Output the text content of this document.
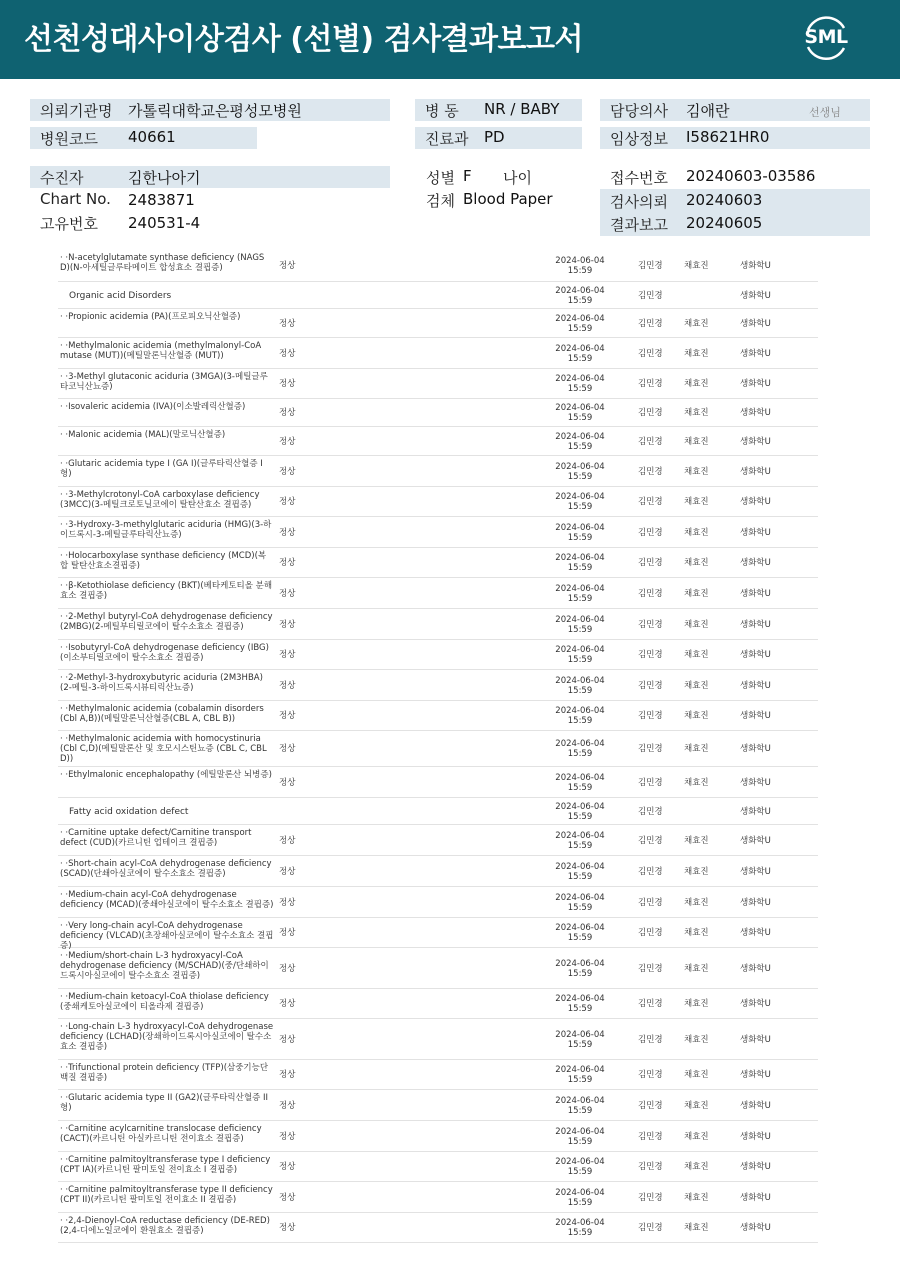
선천성대사이상검사 (선별) 검사결과보고서	SML
의뢰기관명 가톨릭대학교은평성모병원	병 동 NR / BABY	담당의사 김애란	선생님
병원코드 40661	진료과 PD	임상정보 I58621HR0
수진자	김한나아기	성별 F 나이	접수번호 20240603-03586
Chart No. 2483871	검체 Blood Paper	검사의뢰 20240603
고유번호 240531-4	결과보고 20240605
· ·N-acetylglutamate synthase deficiency (NAGS D)(N-아세틸글루타메이트 합성효소 결핍증)	정상	2024-06-04
15:59	김민경	채효진	생화학U
Organic acid Disorders	2024-06-04
15:59	김민경	생화학U
· ·Propionic acidemia (PA)(프로피오닉산혈증)
정상	2024-06-04
15:59	김민경	채효진	생화학U
· ·Methylmalonic acidemia (methylmalonyl-CoA mutase (MUT))(메틸말론닉산혈증 (MUT))	정상	2024-06-04
15:59	김민경	채효진	생화학U
· ·3-Methyl glutaconic aciduria (3MGA)(3-메틸글루타코닉산뇨증)	정상	2024-06-04
15:59	김민경	채효진	생화학U
· ·Isovaleric acidemia (IVA)(이소발레릭산혈증)
정상	2024-06-04
15:59	김민경	채효진	생화학U
· ·Malonic acidemia (MAL)(말로닉산혈증)
정상	2024-06-04
15:59	김민경	채효진	생화학U
· ·Glutaric acidemia type I (GA I)(글루타릭산혈증 I 형)	정상	2024-06-04
15:59	김민경	채효진	생화학U
· ·3-Methylcrotonyl-CoA carboxylase deficiency (3MCC)(3-메틸크로토닐코에이 탈탄산효소 결핍증)	정상	2024-06-04
15:59	김민경	채효진	생화학U
· ·3-Hydroxy-3-methylglutaric aciduria (HMG)(3-하이드록시-3-메틸글루타릭산뇨증)	정상	2024-06-04
15:59	김민경	채효진	생화학U
· ·Holocarboxylase synthase deficiency (MCD)(복합 탈탄산효소결핍증)	정상	2024-06-04
15:59	김민경	채효진	생화학U
· ·β-Ketothiolase deficiency (BKT)(베타케토티올 분해효소 결핍증)	정상	2024-06-04
15:59	김민경	채효진	생화학U
· ·2-Methyl butyryl-CoA dehydrogenase deficiency (2MBG)(2-메틸부티릴코에이 탈수소효소 결핍증)	정상	2024-06-04
15:59	김민경	채효진	생화학U
· ·Isobutyryl-CoA dehydrogenase deficiency (IBG)(이소부티릴코에이 탈수소효소 결핍증)	정상	2024-06-04
15:59	김민경	채효진	생화학U
· ·2-Methyl-3-hydroxybutyric aciduria (2M3HBA)(2-메틸-3-하이드록시뷰티릭산뇨증)	정상	2024-06-04
15:59	김민경	채효진	생화학U
· ·Methylmalonic acidemia (cobalamin disorders (Cbl A,B))(메틸말론닉산혈증(CBL A, CBL B))	정상	2024-06-04
15:59	김민경	채효진	생화학U
· ·Methylmalonic acidemia with homocystinuria (Cbl C,D)(메틸말론산 및 호모시스틴뇨증 (CBL C, CBL D))
정상	2024-06-04
15:59	김민경	채효진	생화학U
· ·Ethylmalonic encephalopathy (에틸말론산 뇌병증)
정상	2024-06-04
15:59	김민경	채효진	생화학U
Fatty acid oxidation defect	2024-06-04
15:59	김민경	생화학U
· ·Carnitine uptake defect/Carnitine transport defect (CUD)(카르니틴 업테이크 결핍증)	정상	2024-06-04
15:59	김민경	채효진	생화학U
· ·Short-chain acyl-CoA dehydrogenase deficiency (SCAD)(단쇄아실코에이 탈수소효소 결핍증)	정상	2024-06-04
15:59	김민경	채효진	생화학U
· ·Medium-chain acyl-CoA dehydrogenase deficiency (MCAD)(중쇄아실코에이 탈수소효소 결핍증) 정상	2024-06-04
15:59	김민경	채효진	생화학U
· ·Very long-chain acyl-CoA dehydrogenase deficiency (VLCAD)(초장쇄아실코에이 탈수소효소 결핍증)
정상	2024-06-04
15:59	김민경	채효진	생화학U
· ·Medium/short-chain L-3 hydroxyacyl-CoA dehydrogenase deficiency (M/SCHAD)(중/단쇄하이드록시아실코에이 탈수소효소 결핍증)
정상	2024-06-04
15:59	김민경	채효진	생화학U
· ·Medium-chain ketoacyl-CoA thiolase deficiency (중쇄케토아실코에이 티올라제 결핍증)	정상	2024-06-04
15:59	김민경	채효진	생화학U
· ·Long-chain L-3 hydroxyacyl-CoA dehydrogenase deficiency (LCHAD)(장쇄하이드록시아실코에이 탈수소효소 결핍증)
정상	2024-06-04
15:59	김민경	채효진	생화학U
· ·Trifunctional protein deficiency (TFP)(삼중기능단백질 결핍증)	정상	2024-06-04
15:59	김민경	채효진	생화학U
· ·Glutaric acidemia type II (GA2)(글루타릭산혈증 II형)	정상	2024-06-04
15:59	김민경	채효진	생화학U
· ·Carnitine acylcarnitine translocase deficiency (CACT)(카르니틴 아실카르니틴 전이효소 결핍증)	정상	2024-06-04
15:59	김민경	채효진	생화학U
· ·Carnitine palmitoyltransferase type I deficiency (CPT IA)(카르니틴 팔미토일 전이효소 I 결핍증)	정상	2024-06-04
15:59	김민경	채효진	생화학U
· ·Carnitine palmitoyltransferase type II deficiency (CPT II)(카르니틴 팔미토일 전이효소 II 결핍증)	정상	2024-06-04
15:59	김민경	채효진	생화학U
· ·2,4-Dienoyl-CoA reductase deficiency (DE-RED)(2,4-디에노일코에이 환원효소 결핍증)	정상	2024-06-04
15:59	김민경	채효진	생화학U
